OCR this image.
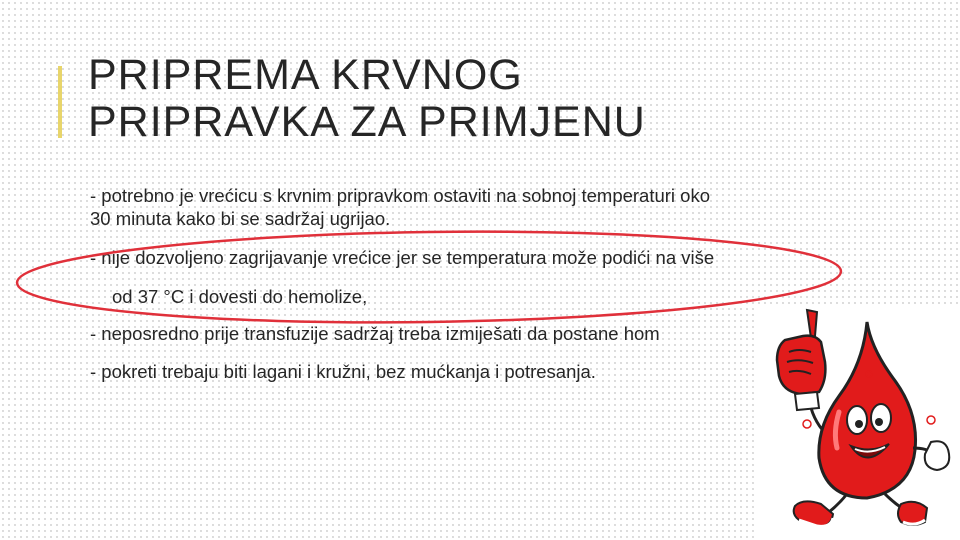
PRIPREMA KRVNOG
PRIPRAVKA ZA PRIMJENU
- potrebno je vrećicu s krvnim pripravkom ostaviti na sobnoj temperaturi oko
30 minuta kako bi se sadržaj ugrijao.
- nije dozvoljeno zagrijavanje vrećice jer se temperatura može podići na više
od 37 °C i dovesti do hemolize,
- neposredno prije transfuzije sadržaj treba izmiješati da postane hom
- pokreti trebaju biti lagani i kružni, bez mućkanja i potresanja.
